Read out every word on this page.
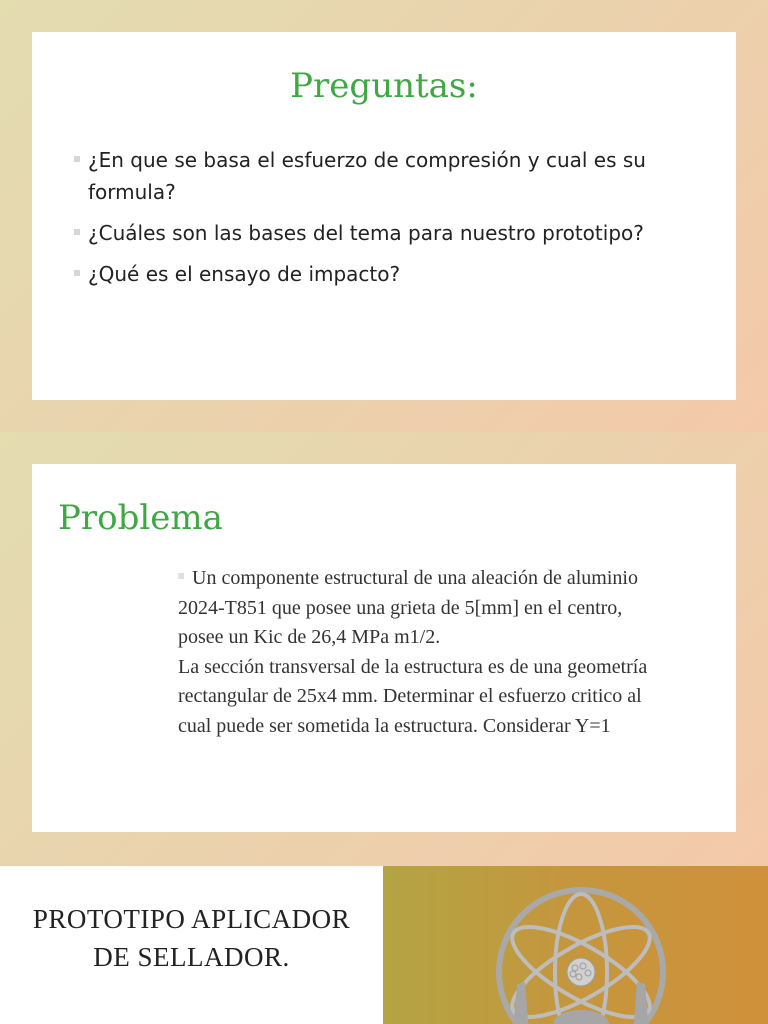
Preguntas:
¿En que se basa el esfuerzo de compresión y cual es su formula?
¿Cuáles son las bases del tema para nuestro prototipo?
¿Qué es el ensayo de impacto?
Problema
Un componente estructural de una aleación de aluminio 2024-T851 que posee una grieta de 5[mm] en el centro, posee un Kic de 26,4 MPa m1/2.
La sección transversal de la estructura es de una geometría rectangular de 25x4 mm. Determinar el esfuerzo critico al cual puede ser sometida la estructura. Considerar Y=1
PROTOTIPO APLICADOR
DE SELLADOR.
